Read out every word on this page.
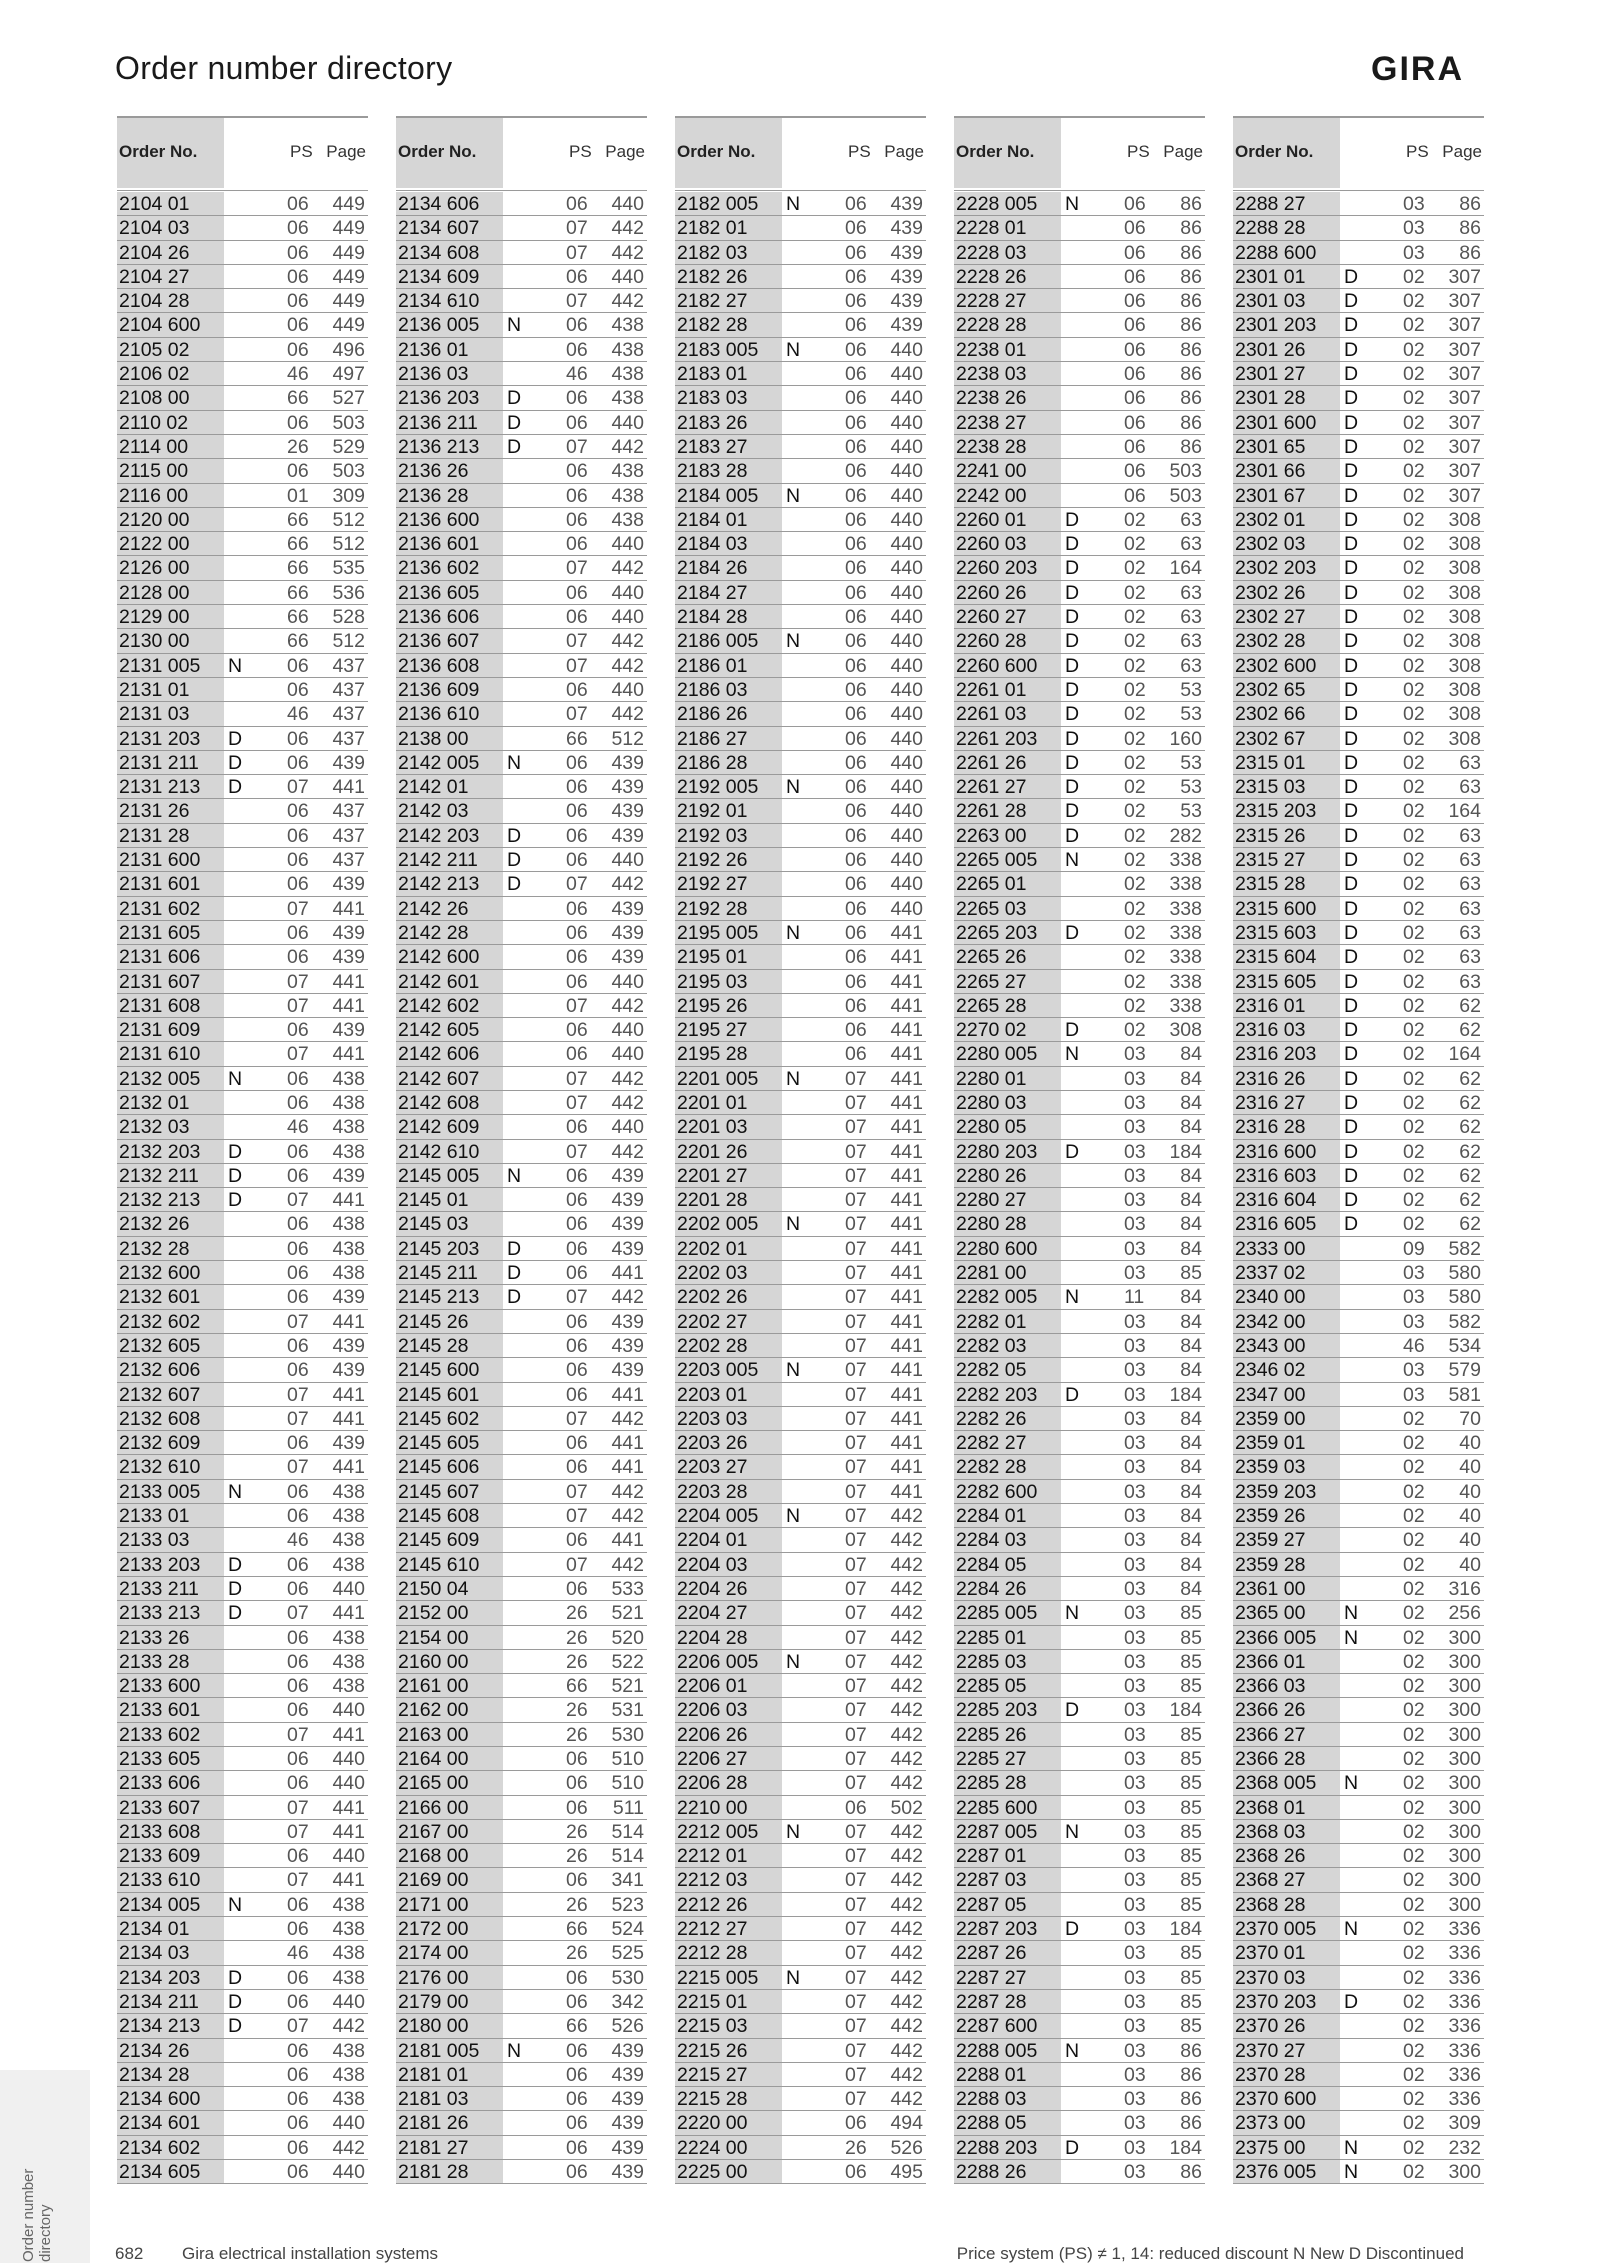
Order number directory	GIRA
Order No.	PS Page
2104 01	06 449
2104 03	06 449
2104 26	06 449
2104 27	06 449
2104 28	06 449
2104 600	06 449
2105 02	06 496
2106 02	46 497
2108 00	66 527
2110 02	06 503
2114 00	26 529
2115 00	06 503
2116 00	01 309
2120 00	66 512
2122 00	66 512
2126 00	66 535
2128 00	66 536
2129 00	66 528
2130 00	66 512
2131 005 N 06 437
2131 01	06 437
2131 03	46 437
2131 203 D 06 437
2131 211 D 06 439
2131 213 D 07 441
2131 26	06 437
2131 28	06 437
2131 600	06 437
2131 601	06 439
2131 602	07 441
2131 605	06 439
2131 606	06 439
2131 607	07 441
2131 608	07 441
2131 609	06 439
2131 610	07 441
2132 005 N 06 438
2132 01	06 438
2132 03	46 438
2132 203 D 06 438
2132 211 D 06 439
2132 213 D 07 441
2132 26	06 438
2132 28	06 438
2132 600	06 438
2132 601	06 439
2132 602	07 441
2132 605	06 439
2132 606	06 439
2132 607	07 441
2132 608	07 441
2132 609	06 439
2132 610	07 441
2133 005 N 06 438
2133 01	06 438
2133 03	46 438
2133 203 D 06 438
2133 211 D 06 440
2133 213 D 07 441
2133 26	06 438
2133 28	06 438
2133 600	06 438
2133 601	06 440
2133 602	07 441
2133 605	06 440
2133 606	06 440
2133 607	07 441
2133 608	07 441
2133 609	06 440
2133 610	07 441
2134 005 N 06 438
2134 01	06 438
2134 03	46 438
2134 203 D 06 438
2134 211 D 06 440
2134 213 D 07 442
2134 26	06 438
2134 28	06 438
2134 600	06 438
2134 601	06 440
2134 602	06 442
2134 605	06 440
Order No.	PS Page
2134 606	06 440
2134 607	07 442
2134 608	07 442
2134 609	06 440
2134 610	07 442
2136 005 N 06 438
2136 01	06 438
2136 03	46 438
2136 203 D 06 438
2136 211 D 06 440
2136 213 D 07 442
2136 26	06 438
2136 28	06 438
2136 600	06 438
2136 601	06 440
2136 602	07 442
2136 605	06 440
2136 606	06 440
2136 607	07 442
2136 608	07 442
2136 609	06 440
2136 610	07 442
2138 00	66 512
2142 005 N 06 439
2142 01	06 439
2142 03	06 439
2142 203 D 06 439
2142 211 D 06 440
2142 213 D 07 442
2142 26	06 439
2142 28	06 439
2142 600	06 439
2142 601	06 440
2142 602	07 442
2142 605	06 440
2142 606	06 440
2142 607	07 442
2142 608	07 442
2142 609	06 440
2142 610	07 442
2145 005 N 06 439
2145 01	06 439
2145 03	06 439
2145 203 D 06 439
2145 211 D 06 441
2145 213 D 07 442
2145 26	06 439
2145 28	06 439
2145 600	06 439
2145 601	06 441
2145 602	07 442
2145 605	06 441
2145 606	06 441
2145 607	07 442
2145 608	07 442
2145 609	06 441
2145 610	07 442
2150 04	06 533
2152 00	26 521
2154 00	26 520
2160 00	26 522
2161 00	66 521
2162 00	26 531
2163 00	26 530
2164 00	06 510
2165 00	06 510
2166 00	06 511
2167 00	26 514
2168 00	26 514
2169 00	06 341
2171 00	26 523
2172 00	66 524
2174 00	26 525
2176 00	06 530
2179 00	06 342
2180 00	66 526
2181 005 N 06 439
2181 01	06 439
2181 03	06 439
2181 26	06 439
2181 27	06 439
2181 28	06 439
Order No.	PS Page
2182 005 N 06 439
2182 01	06 439
2182 03	06 439
2182 26	06 439
2182 27	06 439
2182 28	06 439
2183 005 N 06 440
2183 01	06 440
2183 03	06 440
2183 26	06 440
2183 27	06 440
2183 28	06 440
2184 005 N 06 440
2184 01	06 440
2184 03	06 440
2184 26	06 440
2184 27	06 440
2184 28	06 440
2186 005 N 06 440
2186 01	06 440
2186 03	06 440
2186 26	06 440
2186 27	06 440
2186 28	06 440
2192 005 N 06 440
2192 01	06 440
2192 03	06 440
2192 26	06 440
2192 27	06 440
2192 28	06 440
2195 005 N 06 441
2195 01	06 441
2195 03	06 441
2195 26	06 441
2195 27	06 441
2195 28	06 441
2201 005 N 07 441
2201 01	07 441
2201 03	07 441
2201 26	07 441
2201 27	07 441
2201 28	07 441
2202 005 N 07 441
2202 01	07 441
2202 03	07 441
2202 26	07 441
2202 27	07 441
2202 28	07 441
2203 005 N 07 441
2203 01	07 441
2203 03	07 441
2203 26	07 441
2203 27	07 441
2203 28	07 441
2204 005 N 07 442
2204 01	07 442
2204 03	07 442
2204 26	07 442
2204 27	07 442
2204 28	07 442
2206 005 N 07 442
2206 01	07 442
2206 03	07 442
2206 26	07 442
2206 27	07 442
2206 28	07 442
2210 00	06 502
2212 005 N 07 442
2212 01	07 442
2212 03	07 442
2212 26	07 442
2212 27	07 442
2212 28	07 442
2215 005 N 07 442
2215 01	07 442
2215 03	07 442
2215 26	07 442
2215 27	07 442
2215 28	07 442
2220 00	06 494
2224 00	26 526
2225 00	06 495
Order No.	PS Page
2228 005 N 06 86
2228 01	06 86
2228 03	06 86
2228 26	06 86
2228 27	06 86
2228 28	06 86
2238 01	06 86
2238 03	06 86
2238 26	06 86
2238 27	06 86
2238 28	06 86
2241 00	06 503
2242 00	06 503
2260 01 D 02 63
2260 03 D 02 63
2260 203 D 02 164
2260 26 D 02 63
2260 27 D 02 63
2260 28 D 02 63
2260 600 D 02 63
2261 01 D 02 53
2261 03 D 02 53
2261 203 D 02 160
2261 26 D 02 53
2261 27 D 02 53
2261 28 D 02 53
2263 00 D 02 282
2265 005 N 02 338
2265 01	02 338
2265 03	02 338
2265 203 D 02 338
2265 26	02 338
2265 27	02 338
2265 28	02 338
2270 02 D 02 308
2280 005 N 03 84
2280 01	03 84
2280 03	03 84
2280 05	03 84
2280 203 D 03 184
2280 26	03 84
2280 27	03 84
2280 28	03 84
2280 600	03 84
2281 00	03 85
2282 005 N 11 84
2282 01	03 84
2282 03	03 84
2282 05	03 84
2282 203 D 03 184
2282 26	03 84
2282 27	03 84
2282 28	03 84
2282 600	03 84
2284 01	03 84
2284 03	03 84
2284 05	03 84
2284 26	03 84
2285 005 N 03 85
2285 01	03 85
2285 03	03 85
2285 05	03 85
2285 203 D 03 184
2285 26	03 85
2285 27	03 85
2285 28	03 85
2285 600	03 85
2287 005 N 03 85
2287 01	03 85
2287 03	03 85
2287 05	03 85
2287 203 D 03 184
2287 26	03 85
2287 27	03 85
2287 28	03 85
2287 600	03 85
2288 005 N 03 86
2288 01	03 86
2288 03	03 86
2288 05	03 86
2288 203 D 03 184
2288 26	03 86
Order No.	PS Page
2288 27	03 86
2288 28	03 86
2288 600	03 86
2301 01 D 02 307
2301 03 D 02 307
2301 203 D 02 307
2301 26 D 02 307
2301 27 D 02 307
2301 28 D 02 307
2301 600 D 02 307
2301 65 D 02 307
2301 66 D 02 307
2301 67 D 02 307
2302 01 D 02 308
2302 03 D 02 308
2302 203 D 02 308
2302 26 D 02 308
2302 27 D 02 308
2302 28 D 02 308
2302 600 D 02 308
2302 65 D 02 308
2302 66 D 02 308
2302 67 D 02 308
2315 01 D 02 63
2315 03 D 02 63
2315 203 D 02 164
2315 26 D 02 63
2315 27 D 02 63
2315 28 D 02 63
2315 600 D 02 63
2315 603 D 02 63
2315 604 D 02 63
2315 605 D 02 63
2316 01 D 02 62
2316 03 D 02 62
2316 203 D 02 164
2316 26 D 02 62
2316 27 D 02 62
2316 28 D 02 62
2316 600 D 02 62
2316 603 D 02 62
2316 604 D 02 62
2316 605 D 02 62
2333 00	09 582
2337 02	03 580
2340 00	03 580
2342 00	03 582
2343 00	46 534
2346 02	03 579
2347 00	03 581
2359 00	02 70
2359 01	02 40
2359 03	02 40
2359 203	02 40
2359 26	02 40
2359 27	02 40
2359 28	02 40
2361 00	02 316
2365 00 N 02 256
2366 005 N 02 300
2366 01	02 300
2366 03	02 300
2366 26	02 300
2366 27	02 300
2366 28	02 300
2368 005 N 02 300
2368 01	02 300
2368 03	02 300
2368 26	02 300
2368 27	02 300
2368 28	02 300
2370 005 N 02 336
2370 01	02 336
2370 03	02 336
2370 203 D 02 336
2370 26	02 336
2370 27	02 336
2370 28	02 336
2370 600	02 336
2373 00	02 309
2375 00 N 02 232
2376 005 N 02 300
Order number directory	682 Gira electrical installation systems	Price system (PS) ≠ 1, 14: reduced discount N New D Discontinued
